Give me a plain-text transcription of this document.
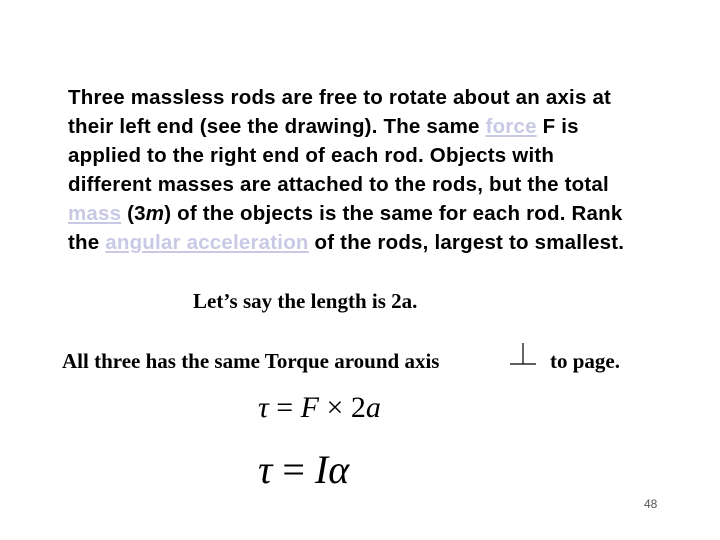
Three massless rods are free to rotate about an axis at
their left end (see the drawing). The same force F is
applied to the right end of each rod. Objects with
different masses are attached to the rods, but the total
mass (3m) of the objects is the same for each rod. Rank
the angular acceleration of the rods, largest to smallest.
Let’s say the length is 2a.
All three has the same Torque around axis	to page.
τ = F × 2a
τ = Iα
48
